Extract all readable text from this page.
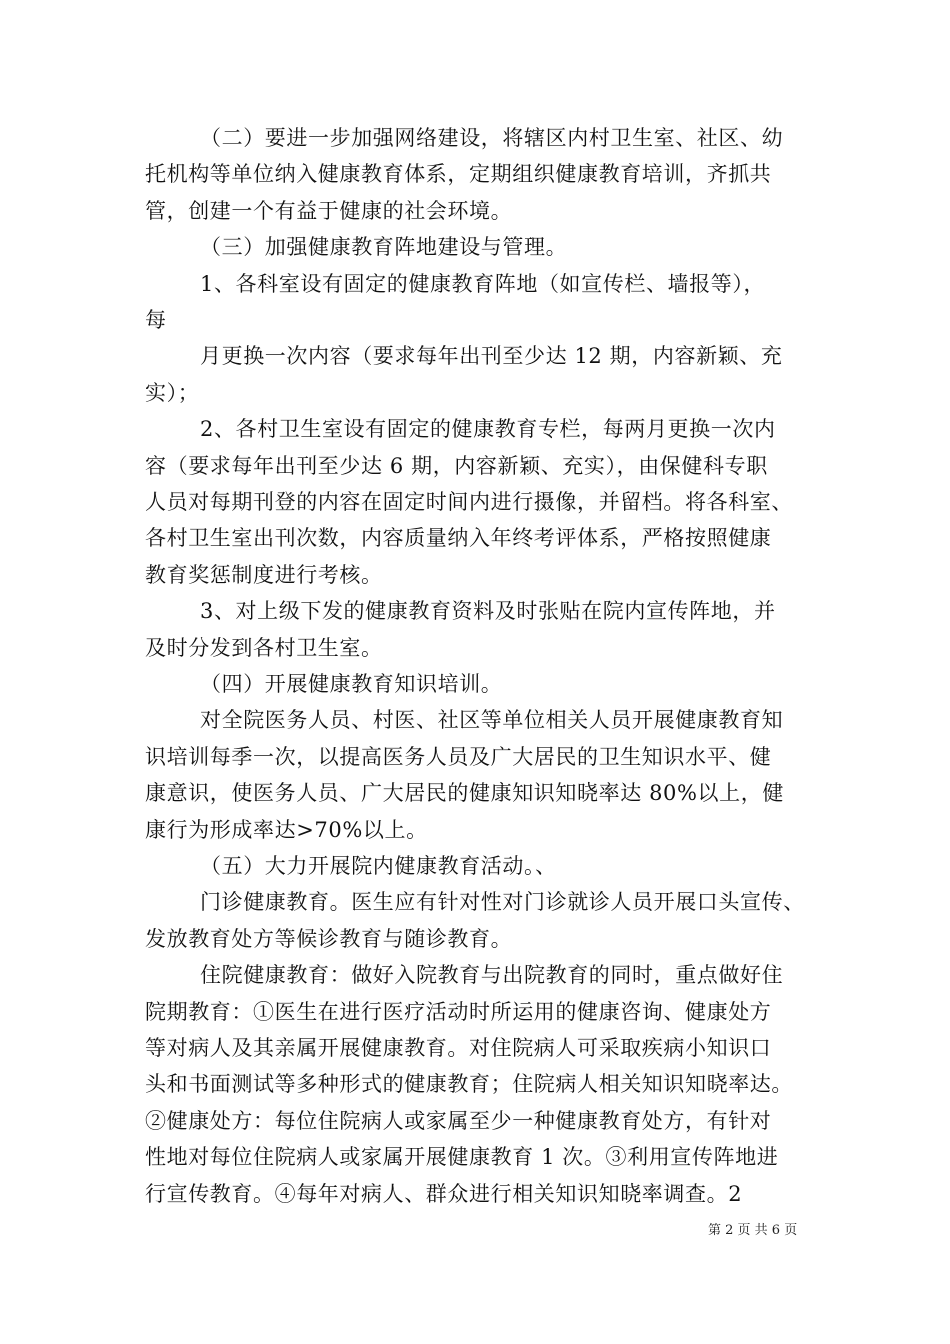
（二）要进一步加强网络建设，将辖区内村卫生室、社区、幼
托机构等单位纳入健康教育体系，定期组织健康教育培训，齐抓共
管，创建一个有益于健康的社会环境。
（三）加强健康教育阵地建设与管理。
1、各科室设有固定的健康教育阵地（如宣传栏、墙报等），
每
月更换一次内容（要求每年出刊至少达 12 期，内容新颖、充
实）；
2、各村卫生室设有固定的健康教育专栏，每两月更换一次内
容（要求每年出刊至少达 6 期，内容新颖、充实），由保健科专职
人员对每期刊登的内容在固定时间内进行摄像，并留档。将各科室、
各村卫生室出刊次数，内容质量纳入年终考评体系，严格按照健康
教育奖惩制度进行考核。
3、对上级下发的健康教育资料及时张贴在院内宣传阵地，并
及时分发到各村卫生室。
（四）开展健康教育知识培训。
对全院医务人员、村医、社区等单位相关人员开展健康教育知
识培训每季一次，以提高医务人员及广大居民的卫生知识水平、健
康意识，使医务人员、广大居民的健康知识知晓率达 80%以上，健
康行为形成率达>70%以上。
（五）大力开展院内健康教育活动。、
门诊健康教育。医生应有针对性对门诊就诊人员开展口头宣传、
发放教育处方等候诊教育与随诊教育。
住院健康教育：做好入院教育与出院教育的同时，重点做好住
院期教育：①医生在进行医疗活动时所运用的健康咨询、健康处方
等对病人及其亲属开展健康教育。对住院病人可采取疾病小知识口
头和书面测试等多种形式的健康教育；住院病人相关知识知晓率达。
②健康处方：每位住院病人或家属至少一种健康教育处方，有针对
性地对每位住院病人或家属开展健康教育 1 次。③利用宣传阵地进
行宣传教育。④每年对病人、群众进行相关知识知晓率调查。2
第 2 页 共 6 页
